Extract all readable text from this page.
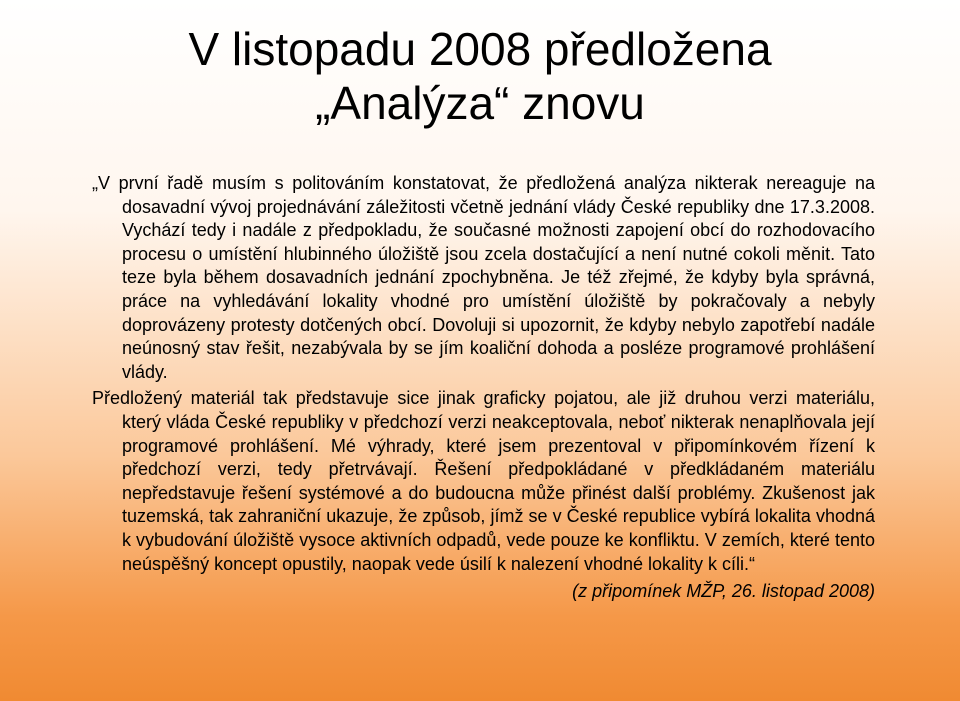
V listopadu 2008 předložena
„Analýza“ znovu

„V první řadě musím s politováním konstatovat, že předložená analýza nikterak nereaguje na dosavadní vývoj projednávání záležitosti včetně jednání vlády České republiky dne 17.3.2008. Vychází tedy i nadále z předpokladu, že současné možnosti zapojení obcí do rozhodovacího procesu o umístění hlubinného úložiště jsou zcela dostačující a není nutné cokoli měnit. Tato teze byla během dosavadních jednání zpochybněna. Je též zřejmé, že kdyby byla správná, práce na vyhledávání lokality vhodné pro umístění úložiště by pokračovaly a nebyly doprovázeny protesty dotčených obcí. Dovoluji si upozornit, že kdyby nebylo zapotřebí nadále neúnosný stav řešit, nezabývala by se jím koaliční dohoda a posléze programové prohlášení vlády.

Předložený materiál tak představuje sice jinak graficky pojatou, ale již druhou verzi materiálu, který vláda České republiky v předchozí verzi neakceptovala, neboť nikterak nenaplňovala její programové prohlášení. Mé výhrady, které jsem prezentoval v připomínkovém řízení k předchozí verzi, tedy přetrvávají. Řešení předpokládané v předkládaném materiálu nepředstavuje řešení systémové a do budoucna může přinést další problémy. Zkušenost jak tuzemská, tak zahraniční ukazuje, že způsob, jímž se v České republice vybírá lokalita vhodná k vybudování úložiště vysoce aktivních odpadů, vede pouze ke konfliktu. V zemích, které tento neúspěšný koncept opustily, naopak vede úsilí k nalezení vhodné lokality k cíli.“

(z připomínek MŽP, 26. listopad 2008)
